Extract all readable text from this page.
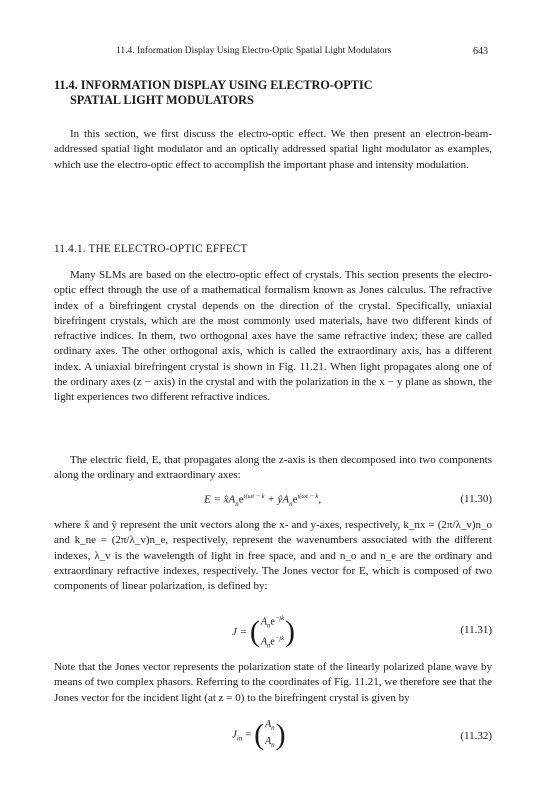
11.4. Information Display Using Electro-Optic Spatial Light Modulators	643
11.4. INFORMATION DISPLAY USING ELECTRO-OPTIC
SPATIAL LIGHT MODULATORS

In this section, we first discuss the electro-optic effect. We then present an electron-beam-addressed spatial light modulator and an optically addressed spatial light modulator as examples, which use the electro-optic effect to accomplish the important phase and intensity modulation.

11.4.1. THE ELECTRO-OPTIC EFFECT

Many SLMs are based on the electro-optic effect of crystals. This section presents the electro-optic effect through the use of a mathematical formalism known as Jones calculus. The refractive index of a birefringent crystal depends on the direction of the crystal. Specifically, uniaxial birefringent crystals, which are the most commonly used materials, have two different kinds of refractive indices. In them, two orthogonal axes have the same refractive index; these are called ordinary axes. The other orthogonal axis, which is called the extraordinary axis, has a different index. A uniaxial birefringent crystal is shown in Fig. 11.21. When light propagates along one of the ordinary axes (z − axis) in the crystal and with the polarization in the x − y plane as shown, the light experiences two different refractive indices.

The electric field, E, that propagates along the z-axis is then decomposed into two components along the ordinary and extraordinary axes:

$E = x̂A_ne^{i(\omega t - k}$ + $ŷA_ne^{i(\omega t - k}$,	(11.30)

where x̂ and ŷ represent the unit vectors along the x- and y-axes, respectively, k_nx = (2π/λ_v)n_o and k_ne = (2π/λ_v)n_e, respectively, represent the wavenumbers associated with the different indexes, λ_v is the wavelength of light in free space, and and n_o and n_e are the ordinary and extraordinary refractive indexes, respectively. The Jones vector for E, which is composed of two components of linear polarization, is defined by:

J = ( $A_ne^{-jk}$
$A_ne^{-jk}$ )	(11.31)

Note that the Jones vector represents the polarization state of the linearly polarized plane wave by means of two complex phasors. Referring to the coordinates of Fig. 11.21, we therefore see that the Jones vector for the incident light (at z = 0) to the birefringent crystal is given by

$J_{in}$ = ( $A_n$
$A_n$ )	(11.32)
